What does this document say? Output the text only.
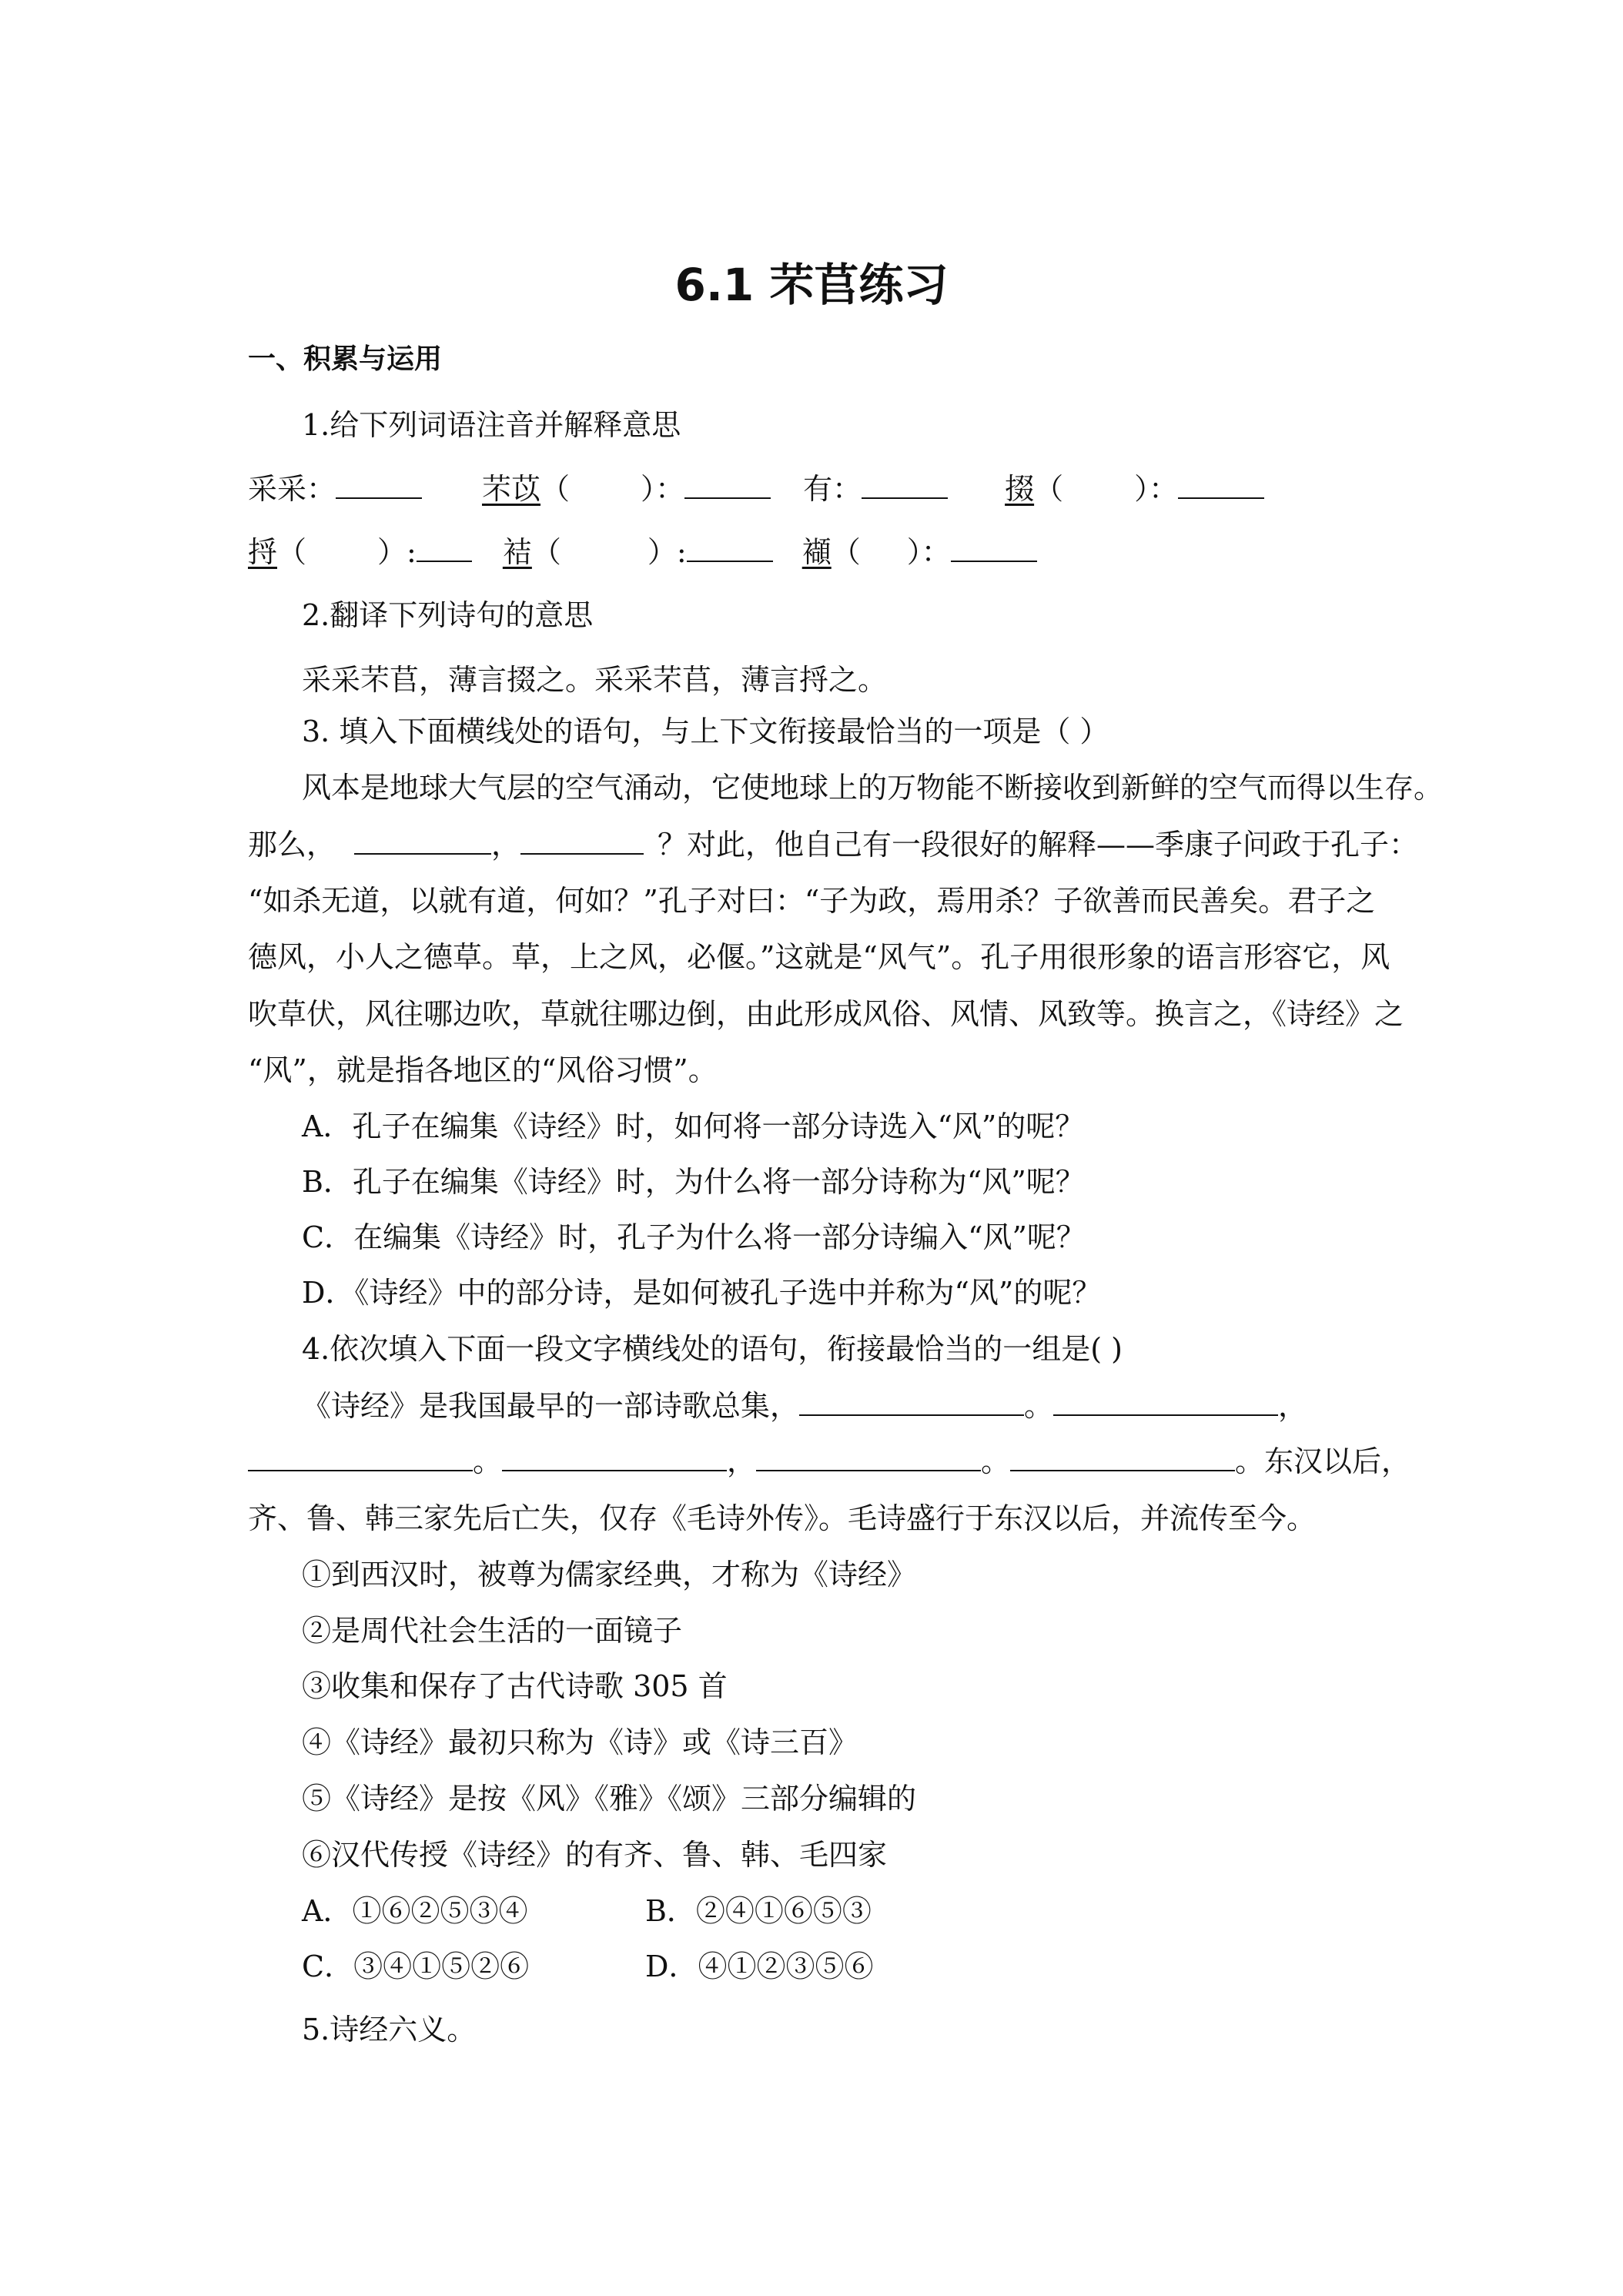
6.1 芣苢练习
一、积累与运用
1.给下列词语注音并解释意思
采采：	芣苡（ ）：	有：	掇（ ）：
捋（ ）:	袺（	）:	襭（ ）：
2.翻译下列诗句的意思
采采芣苢，薄言掇之。采采芣苢，薄言捋之。
3. 填入下面横线处的语句，与上下文衔接最恰当的一项是（ ）
风本是地球大气层的空气涌动，它使地球上的万物能不断接收到新鲜的空气而得以生存。
那么，	，	？对此，他自己有一段很好的解释——季康子问政于孔子：
“如杀无道，以就有道，何如？”孔子对曰：“子为政，焉用杀？子欲善而民善矣。君子之
德风，小人之德草。草，上之风，必偃。”这就是“风气”。孔子用很形象的语言形容它，风
吹草伏，风往哪边吹，草就往哪边倒，由此形成风俗、风情、风致等。换言之，《诗经》之
“风”，就是指各地区的“风俗习惯”。
A．孔子在编集《诗经》时，如何将一部分诗选入“风”的呢？
B．孔子在编集《诗经》时，为什么将一部分诗称为“风”呢？
C．在编集《诗经》时，孔子为什么将一部分诗编入“风”呢？
D．《诗经》中的部分诗，是如何被孔子选中并称为“风”的呢？
4.依次填入下面一段文字横线处的语句，衔接最恰当的一组是( )
《诗经》是我国最早的一部诗歌总集，	。	，
。	，	。	。东汉以后，
齐、鲁、韩三家先后亡失，仅存《毛诗外传》。毛诗盛行于东汉以后，并流传至今。
①到西汉时，被尊为儒家经典，才称为《诗经》
②是周代社会生活的一面镜子
③收集和保存了古代诗歌 305 首
④《诗经》最初只称为《诗》或《诗三百》
⑤《诗经》是按《风》《雅》《颂》三部分编辑的
⑥汉代传授《诗经》的有齐、鲁、韩、毛四家
A．①⑥②⑤③④	B．②④①⑥⑤③
C．③④①⑤②⑥	D．④①②③⑤⑥
5.诗经六义。
